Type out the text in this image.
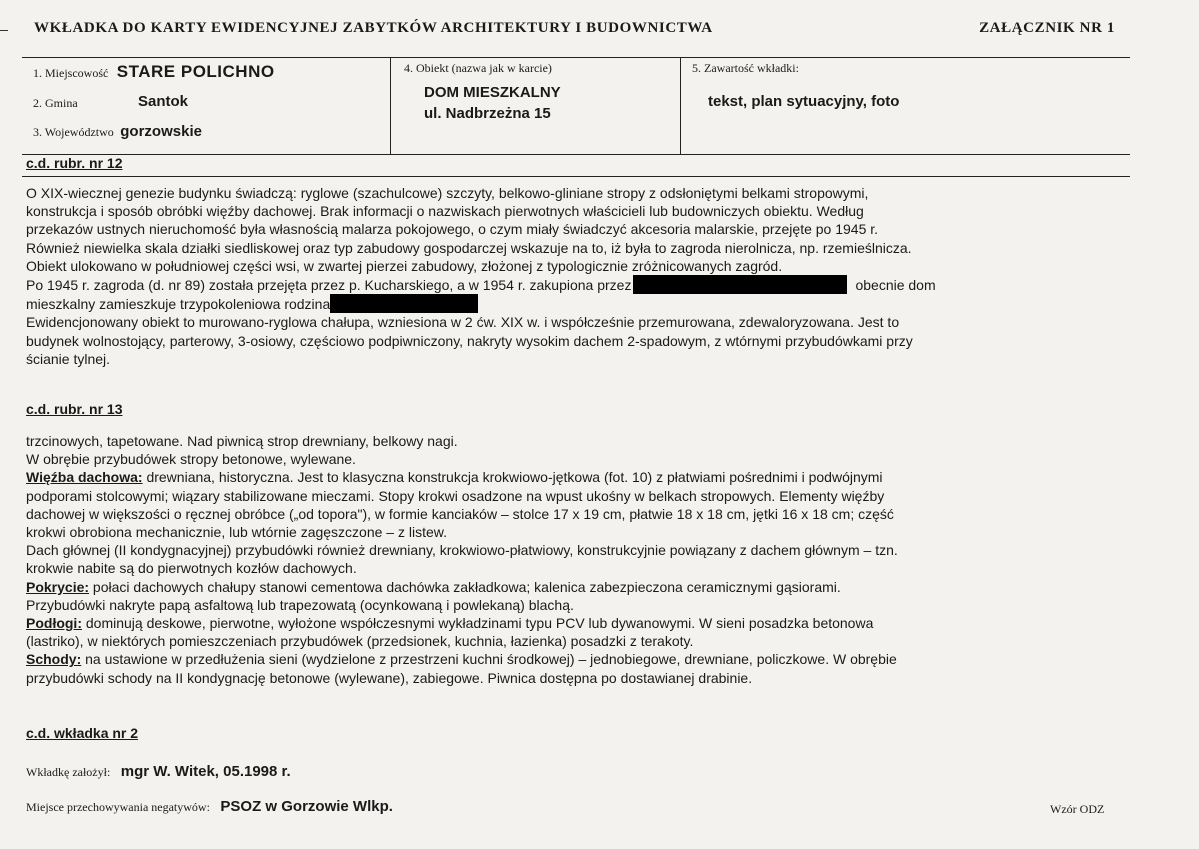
WKŁADKA DO KARTY EWIDENCYJNEJ ZABYTKÓW ARCHITEKTURY I BUDOWNICTWA	ZAŁĄCZNIK NR 1
1. Miejscowość STARE POLICHNO
2. Gmina	Santok
3. Województwo gorzowskie
4. Obiekt (nazwa jak w karcie)
DOM MIESZKALNY
ul. Nadbrzeżna 15
5. Zawartość wkładki:
tekst, plan sytuacyjny, foto
c.d. rubr. nr 12
O XIX-wiecznej genezie budynku świadczą: ryglowe (szachulcowe) szczyty, belkowo-gliniane stropy z odsłoniętymi belkami stropowymi,
konstrukcja i sposób obróbki więźby dachowej. Brak informacji o nazwiskach pierwotnych właścicieli lub budowniczych obiektu. Według
przekazów ustnych nieruchomość była własnością malarza pokojowego, o czym miały świadczyć akcesoria malarskie, przejęte po 1945 r.
Również niewielka skala działki siedliskowej oraz typ zabudowy gospodarczej wskazuje na to, iż była to zagroda nierolnicza, np. rzemieślnicza.
Obiekt ulokowano w południowej części wsi, w zwartej pierzei zabudowy, złożonej z typologicznie zróżnicowanych zagród.
Po 1945 r. zagroda (d. nr 89) została przejęta przez p. Kucharskiego, a w 1954 r. zakupiona przez	obecnie dom
mieszkalny zamieszkuje trzypokoleniowa rodzina
Ewidencjonowany obiekt to murowano-ryglowa chałupa, wzniesiona w 2 ćw. XIX w. i współcześnie przemurowana, zdewaloryzowana. Jest to
budynek wolnostojący, parterowy, 3-osiowy, częściowo podpiwniczony, nakryty wysokim dachem 2-spadowym, z wtórnymi przybudówkami przy
ścianie tylnej.
c.d. rubr. nr 13
trzcinowych, tapetowane. Nad piwnicą strop drewniany, belkowy nagi.
W obrębie przybudówek stropy betonowe, wylewane.
Więźba dachowa: drewniana, historyczna. Jest to klasyczna konstrukcja krokwiowo-jętkowa (fot. 10) z płatwiami pośrednimi i podwójnymi
podporami stolcowymi; wiązary stabilizowane mieczami. Stopy krokwi osadzone na wpust ukośny w belkach stropowych. Elementy więźby
dachowej w większości o ręcznej obróbce („od topora"), w formie kanciaków – stolce 17 x 19 cm, płatwie 18 x 18 cm, jętki 16 x 18 cm; część
krokwi obrobiona mechanicznie, lub wtórnie zagęszczone – z listew.
Dach głównej (II kondygnacyjnej) przybudówki również drewniany, krokwiowo-płatwiowy, konstrukcyjnie powiązany z dachem głównym – tzn.
krokwie nabite są do pierwotnych kozłów dachowych.
Pokrycie: połaci dachowych chałupy stanowi cementowa dachówka zakładkowa; kalenica zabezpieczona ceramicznymi gąsiorami.
Przybudówki nakryte papą asfaltową lub trapezowatą (ocynkowaną i powlekaną) blachą.
Podłogi: dominują deskowe, pierwotne, wyłożone współczesnymi wykładzinami typu PCV lub dywanowymi. W sieni posadzka betonowa
(lastriko), w niektórych pomieszczeniach przybudówek (przedsionek, kuchnia, łazienka) posadzki z terakoty.
Schody: na ustawione w przedłużenia sieni (wydzielone z przestrzeni kuchni środkowej) – jednobiegowe, drewniane, policzkowe. W obrębie
przybudówki schody na II kondygnację betonowe (wylewane), zabiegowe. Piwnica dostępna po dostawianej drabinie.
c.d. wkładka nr 2
Wkładkę założył: mgr W. Witek, 05.1998 r.
Miejsce przechowywania negatywów: PSOZ w Gorzowie Wlkp.	Wzór ODZ
